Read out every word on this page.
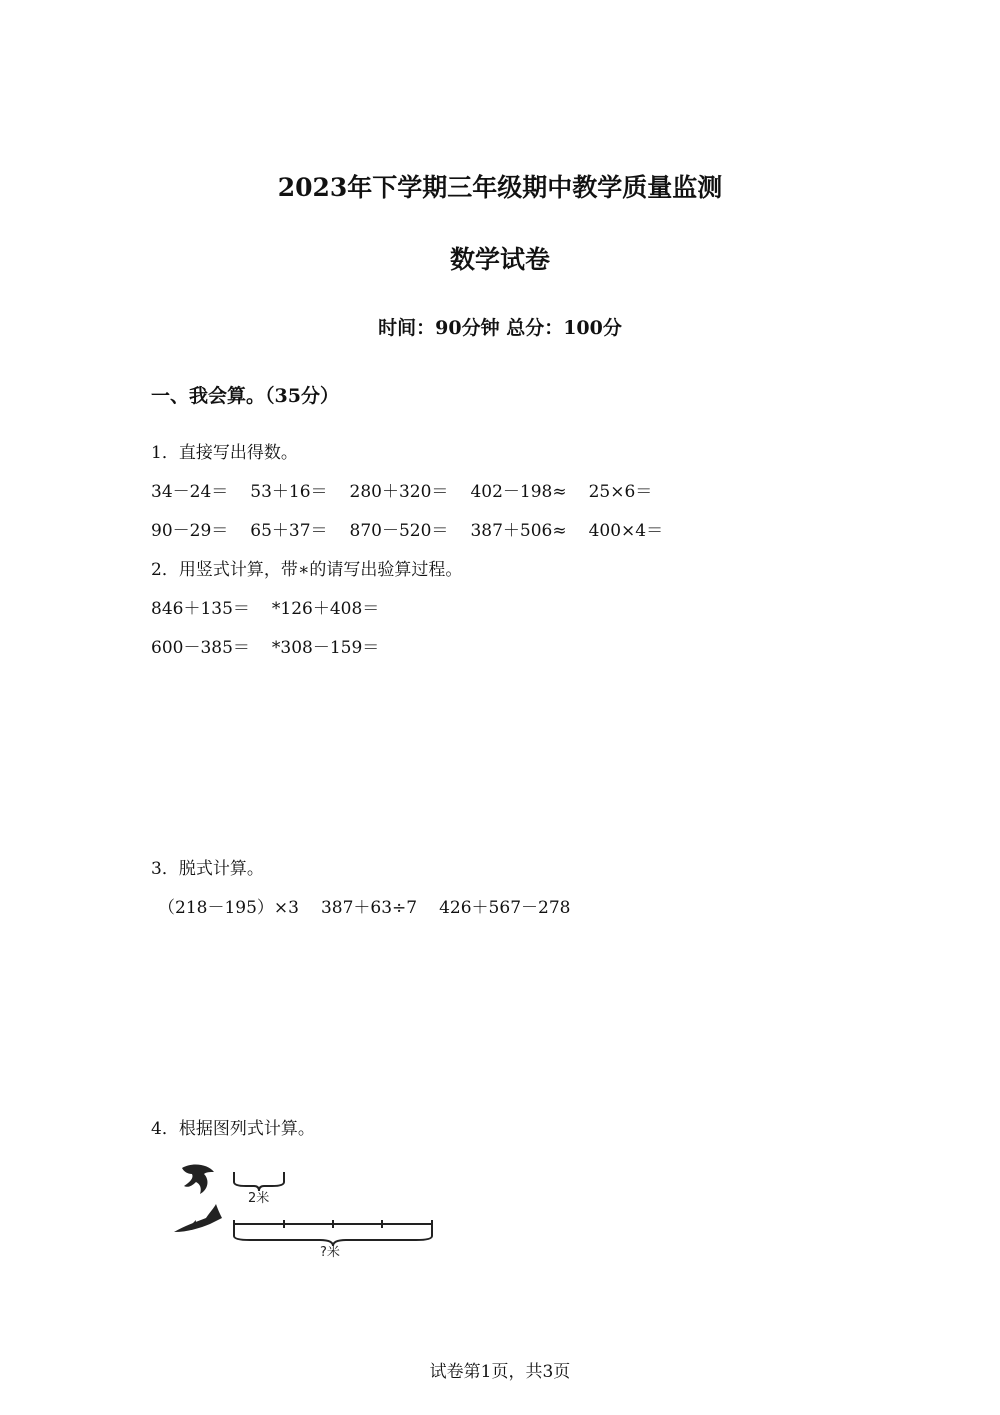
2023年下学期三年级期中教学质量监测
数学试卷
时间：90分钟 总分：100分
一、我会算。（35分）
1．直接写出得数。
34－24＝ 53＋16＝ 280＋320＝ 402－198≈ 25×6＝
90－29＝ 65＋37＝ 870－520＝ 387＋506≈ 400×4＝
2．用竖式计算，带∗的请写出验算过程。
846＋135＝ *126＋408＝
600－385＝ *308－159＝
3．脱式计算。
（218－195）×3 387＋63÷7 426＋567－278
4．根据图列式计算。
2米
?米
试卷第1页，共3页
